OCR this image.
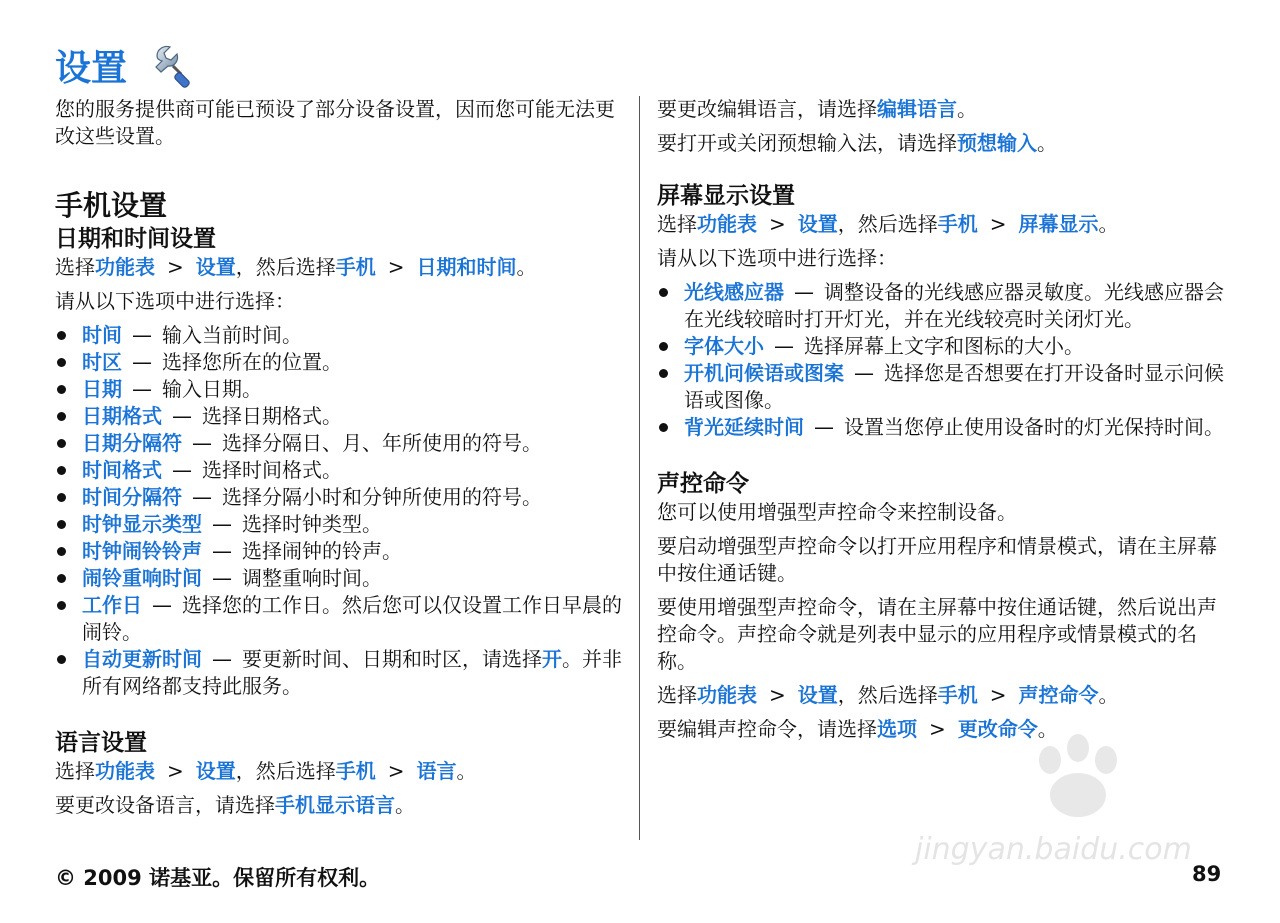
设置

您的服务提供商可能已预设了部分设备设置，因而您可能无法更改这些设置。

手机设置
日期和时间设置

选择功能表 > 设置，然后选择手机 > 日期和时间。

请从以下选项中进行选择：

时间 — 输入当前时间。
时区 — 选择您所在的位置。
日期 — 输入日期。
日期格式 — 选择日期格式。
日期分隔符 — 选择分隔日、月、年所使用的符号。
时间格式 — 选择时间格式。
时间分隔符 — 选择分隔小时和分钟所使用的符号。
时钟显示类型 — 选择时钟类型。
时钟闹铃铃声 — 选择闹钟的铃声。
闹铃重响时间 — 调整重响时间。
工作日 — 选择您的工作日。然后您可以仅设置工作日早晨的闹铃。
自动更新时间 — 要更新时间、日期和时区，请选择开。并非所有网络都支持此服务。
语言设置

选择功能表 > 设置，然后选择手机 > 语言。

要更改设备语言，请选择手机显示语言。

要更改编辑语言，请选择编辑语言。

要打开或关闭预想输入法，请选择预想输入。

屏幕显示设置

选择功能表 > 设置，然后选择手机 > 屏幕显示。

请从以下选项中进行选择：

光线感应器 — 调整设备的光线感应器灵敏度。光线感应器会在光线较暗时打开灯光，并在光线较亮时关闭灯光。
字体大小 — 选择屏幕上文字和图标的大小。
开机问候语或图案 — 选择您是否想要在打开设备时显示问候语或图像。
背光延续时间 — 设置当您停止使用设备时的灯光保持时间。
声控命令

您可以使用增强型声控命令来控制设备。

要启动增强型声控命令以打开应用程序和情景模式，请在主屏幕中按住通话键。

要使用增强型声控命令，请在主屏幕中按住通话键，然后说出声控命令。声控命令就是列表中显示的应用程序或情景模式的名称。

选择功能表 > 设置，然后选择手机 > 声控命令。

要编辑声控命令，请选择选项 > 更改命令。

© 2009 诺基亚。保留所有权利。	89
jingyan.baidu.com
